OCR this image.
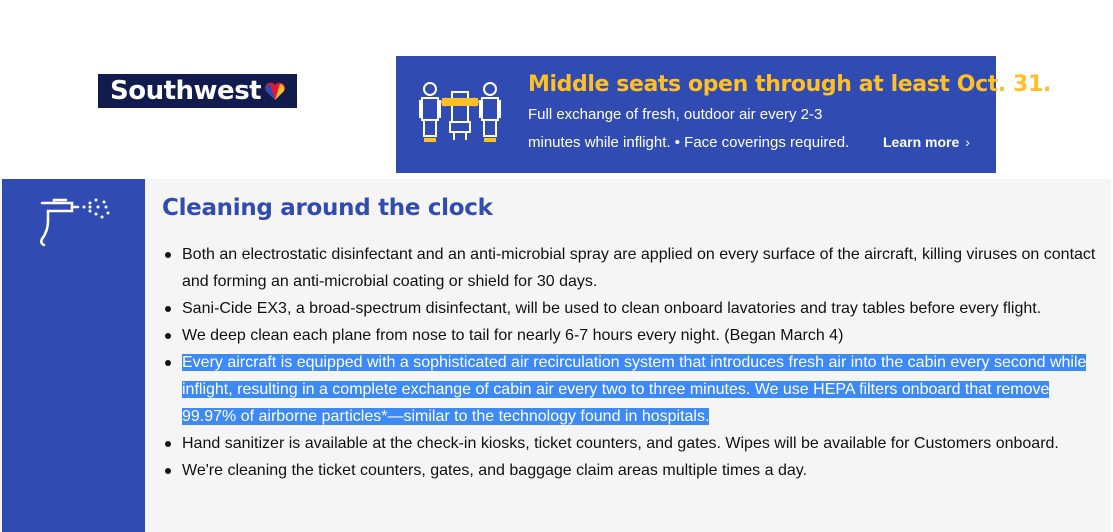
Southwest	Middle seats open through at least Oct. 31.
Full exchange of fresh, outdoor air every 2-3
minutes while inflight. • Face coverings required. Learn more ›
Cleaning around the clock
Both an electrostatic disinfectant and an anti-microbial spray are applied on every surface of the aircraft, killing viruses on contact and forming an anti-microbial coating or shield for 30 days.
Sani-Cide EX3, a broad-spectrum disinfectant, will be used to clean onboard lavatories and tray tables before every flight.
We deep clean each plane from nose to tail for nearly 6-7 hours every night. (Began March 4)
Every aircraft is equipped with a sophisticated air recirculation system that introduces fresh air into the cabin every second while inflight, resulting in a complete exchange of cabin air every two to three minutes. We use HEPA filters onboard that remove 99.97% of airborne particles*—similar to the technology found in hospitals.
Hand sanitizer is available at the check-in kiosks, ticket counters, and gates. Wipes will be available for Customers onboard.
We're cleaning the ticket counters, gates, and baggage claim areas multiple times a day.
